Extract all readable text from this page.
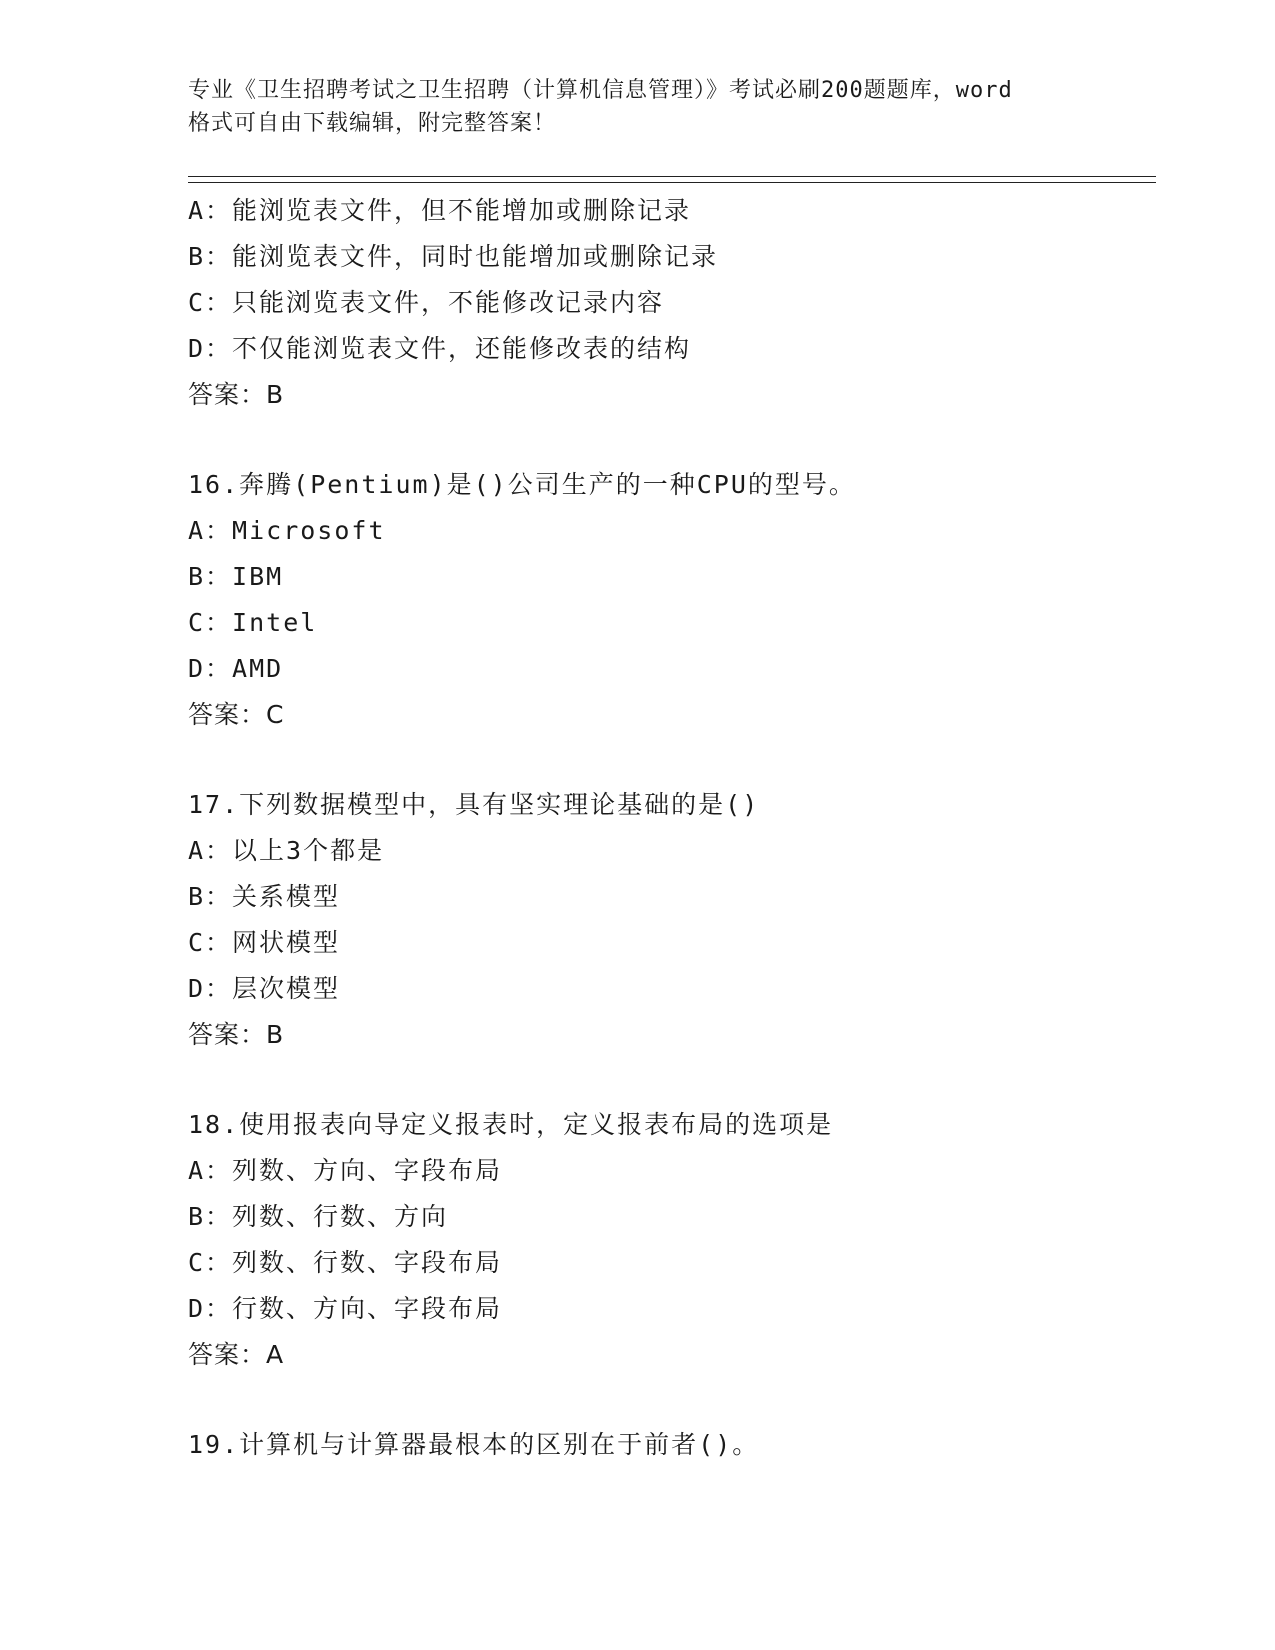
专业《卫生招聘考试之卫生招聘（计算机信息管理）》考试必刷200题题库，word
格式可自由下载编辑，附完整答案！
A：能浏览表文件，但不能增加或删除记录
B：能浏览表文件，同时也能增加或删除记录
C：只能浏览表文件，不能修改记录内容
D：不仅能浏览表文件，还能修改表的结构
答案：B
16.奔腾(Pentium)是()公司生产的一种CPU的型号。
A：Microsoft
B：IBM
C：Intel
D：AMD
答案：C
17.下列数据模型中，具有坚实理论基础的是()
A：以上3个都是
B：关系模型
C：网状模型
D：层次模型
答案：B
18.使用报表向导定义报表时，定义报表布局的选项是
A：列数、方向、字段布局
B：列数、行数、方向
C：列数、行数、字段布局
D：行数、方向、字段布局
答案：A
19.计算机与计算器最根本的区别在于前者()。
